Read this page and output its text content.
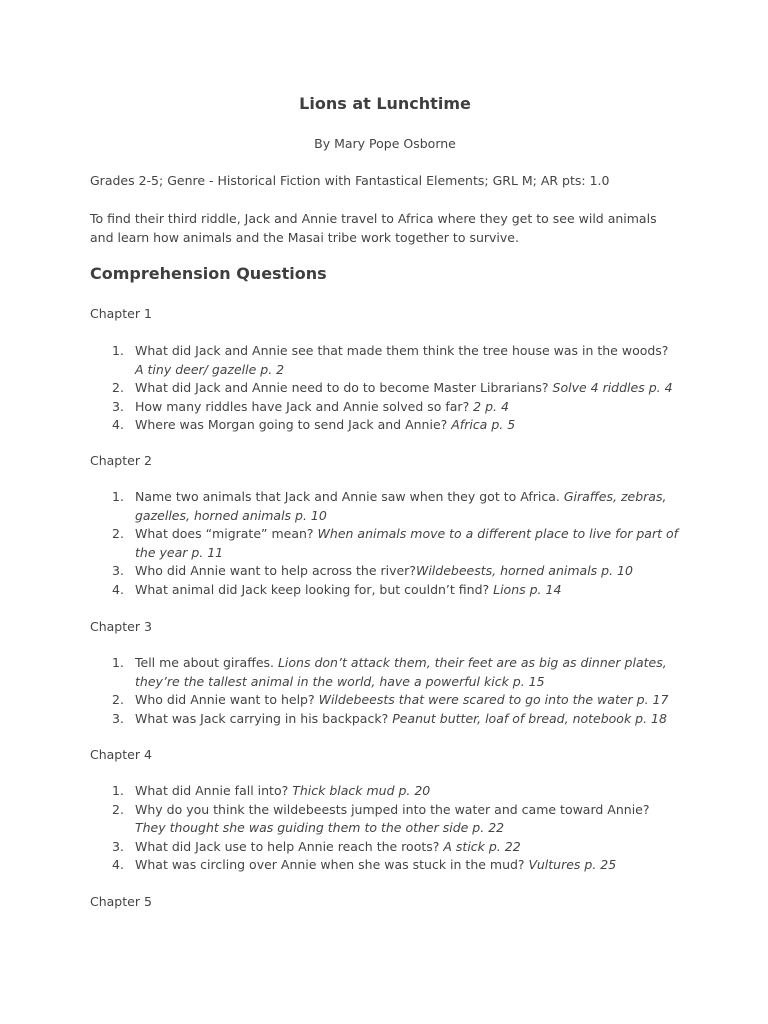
Lions at Lunchtime

By Mary Pope Osborne

Grades 2-5; Genre - Historical Fiction with Fantastical Elements; GRL M; AR pts: 1.0

To find their third riddle, Jack and Annie travel to Africa where they get to see wild animals and learn how animals and the Masai tribe work together to survive.

Comprehension Questions

Chapter 1

1. What did Jack and Annie see that made them think the tree house was in the woods? A tiny deer/ gazelle p. 2
2. What did Jack and Annie need to do to become Master Librarians? Solve 4 riddles p. 4
3. How many riddles have Jack and Annie solved so far? 2 p. 4
4. Where was Morgan going to send Jack and Annie? Africa p. 5

Chapter 2

1. Name two animals that Jack and Annie saw when they got to Africa. Giraffes, zebras, gazelles, horned animals p. 10
2. What does “migrate” mean? When animals move to a different place to live for part of the year p. 11
3. Who did Annie want to help across the river?Wildebeests, horned animals p. 10
4. What animal did Jack keep looking for, but couldn’t find? Lions p. 14

Chapter 3

1. Tell me about giraffes. Lions don’t attack them, their feet are as big as dinner plates, they’re the tallest animal in the world, have a powerful kick p. 15
2. Who did Annie want to help? Wildebeests that were scared to go into the water p. 17
3. What was Jack carrying in his backpack? Peanut butter, loaf of bread, notebook p. 18

Chapter 4

1. What did Annie fall into? Thick black mud p. 20
2. Why do you think the wildebeests jumped into the water and came toward Annie? They thought she was guiding them to the other side p. 22
3. What did Jack use to help Annie reach the roots? A stick p. 22
4. What was circling over Annie when she was stuck in the mud? Vultures p. 25

Chapter 5
